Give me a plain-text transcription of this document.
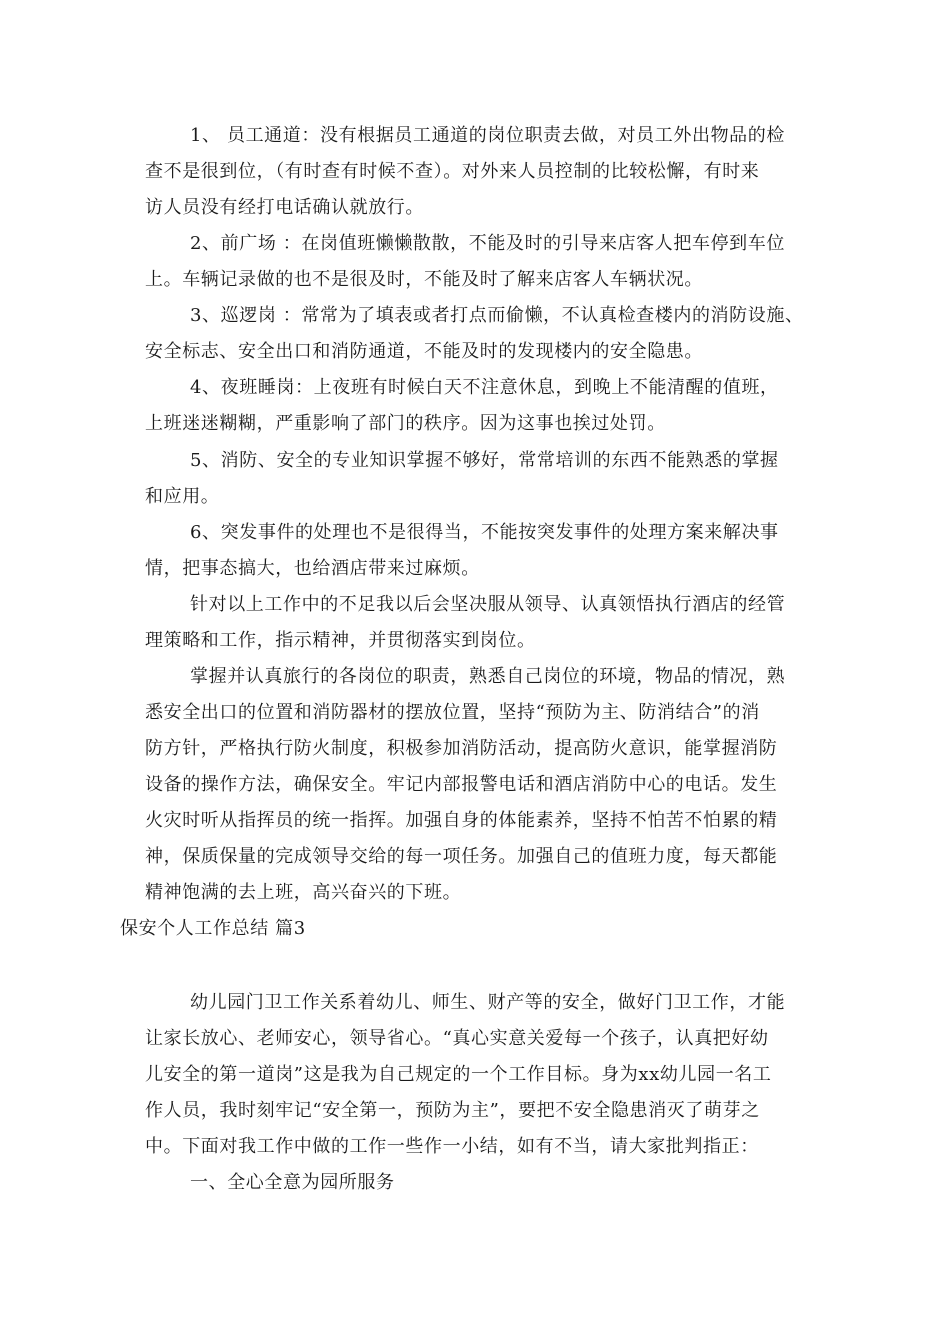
1、 员工通道：没有根据员工通道的岗位职责去做，对员工外出物品的检
查不是很到位，（有时查有时候不查）。对外来人员控制的比较松懈，有时来
访人员没有经打电话确认就放行。
2、前广场 ：在岗值班懒懒散散，不能及时的引导来店客人把车停到车位
上。车辆记录做的也不是很及时，不能及时了解来店客人车辆状况。
3、巡逻岗 ：常常为了填表或者打点而偷懒，不认真检查楼内的消防设施、
安全标志、安全出口和消防通道，不能及时的发现楼内的安全隐患。
4、夜班睡岗：上夜班有时候白天不注意休息，到晚上不能清醒的值班，
上班迷迷糊糊，严重影响了部门的秩序。因为这事也挨过处罚。
5、消防、安全的专业知识掌握不够好，常常培训的东西不能熟悉的掌握
和应用。
6、突发事件的处理也不是很得当，不能按突发事件的处理方案来解决事
情，把事态搞大，也给酒店带来过麻烦。
针对以上工作中的不足我以后会坚决服从领导、认真领悟执行酒店的经管
理策略和工作，指示精神，并贯彻落实到岗位。
掌握并认真旅行的各岗位的职责，熟悉自己岗位的环境，物品的情况，熟
悉安全出口的位置和消防器材的摆放位置，坚持“预防为主、防消结合”的消
防方针，严格执行防火制度，积极参加消防活动，提高防火意识，能掌握消防
设备的操作方法，确保安全。牢记内部报警电话和酒店消防中心的电话。发生
火灾时听从指挥员的统一指挥。加强自身的体能素养，坚持不怕苦不怕累的精
神，保质保量的完成领导交给的每一项任务。加强自己的值班力度，每天都能
精神饱满的去上班，高兴奋兴的下班。
保安个人工作总结 篇3
幼儿园门卫工作关系着幼儿、师生、财产等的安全，做好门卫工作，才能
让家长放心、老师安心，领导省心。“真心实意关爱每一个孩子，认真把好幼
儿安全的第一道岗”这是我为自己规定的一个工作目标。身为xx幼儿园一名工
作人员，我时刻牢记“安全第一，预防为主”，要把不安全隐患消灭了萌芽之
中。下面对我工作中做的工作一些作一小结，如有不当，请大家批判指正：
一、全心全意为园所服务
